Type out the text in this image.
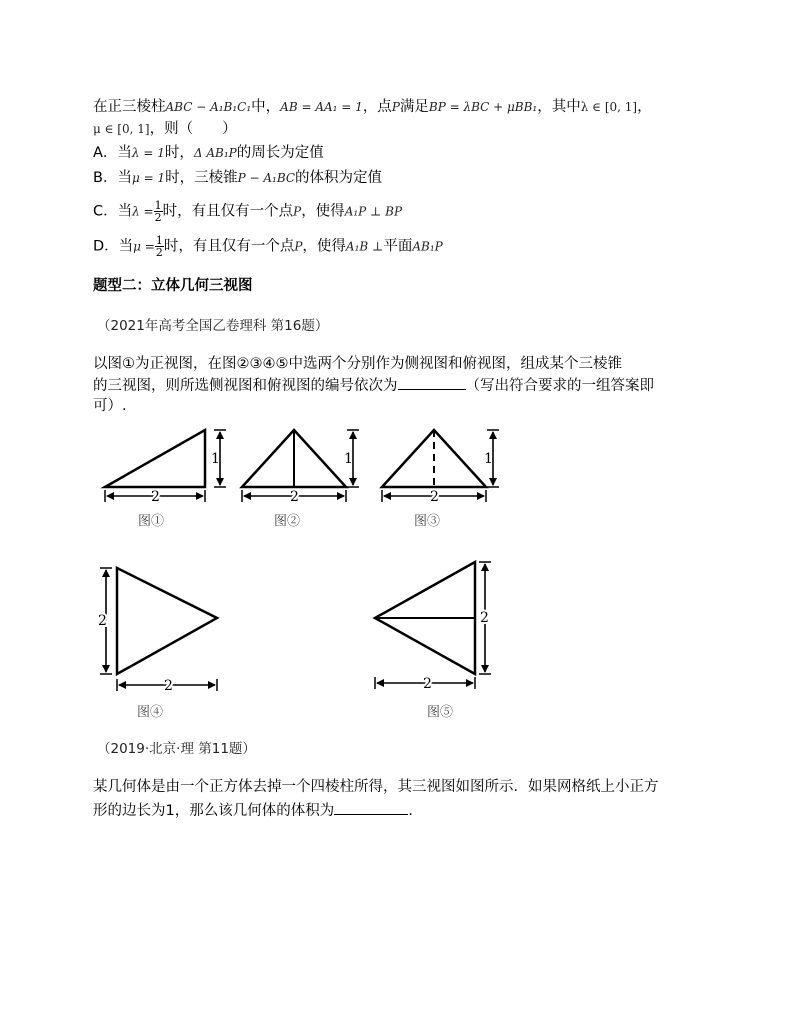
在正三棱柱ABC − A₁B₁C₁中，AB = AA₁ = 1，点P满足BP = λBC + μBB₁，其中λ ∈ [0, 1]，
μ ∈ [0, 1]，则（　　）
A．当λ = 1时，Δ AB₁P的周长为定值
B．当μ = 1时，三棱锥P − A₁BC的体积为定值
C．当$\lambda = \frac{1}{2}$ 时，有且仅有一个点P，使得A₁P ⊥ BP
D．当$\mu = \frac{1}{2}$ 时，有且仅有一个点P，使得A₁B ⊥平面AB₁P
题型二：立体几何三视图
（2021年高考全国乙卷理科 第16题）
以图①为正视图，在图②③④⑤中选两个分别作为侧视图和俯视图，组成某个三棱锥
的三视图，则所选侧视图和俯视图的编号依次为	（写出符合要求的一组答案即
可）.
1
2
图①
1
2
图②
1
2
图③
2
2
图④
2
2
图⑤
（2019·北京·理 第11题）
某几何体是由一个正方体去掉一个四棱柱所得，其三视图如图所示．如果网格纸上小正方
形的边长为1，那么该几何体的体积为	.
